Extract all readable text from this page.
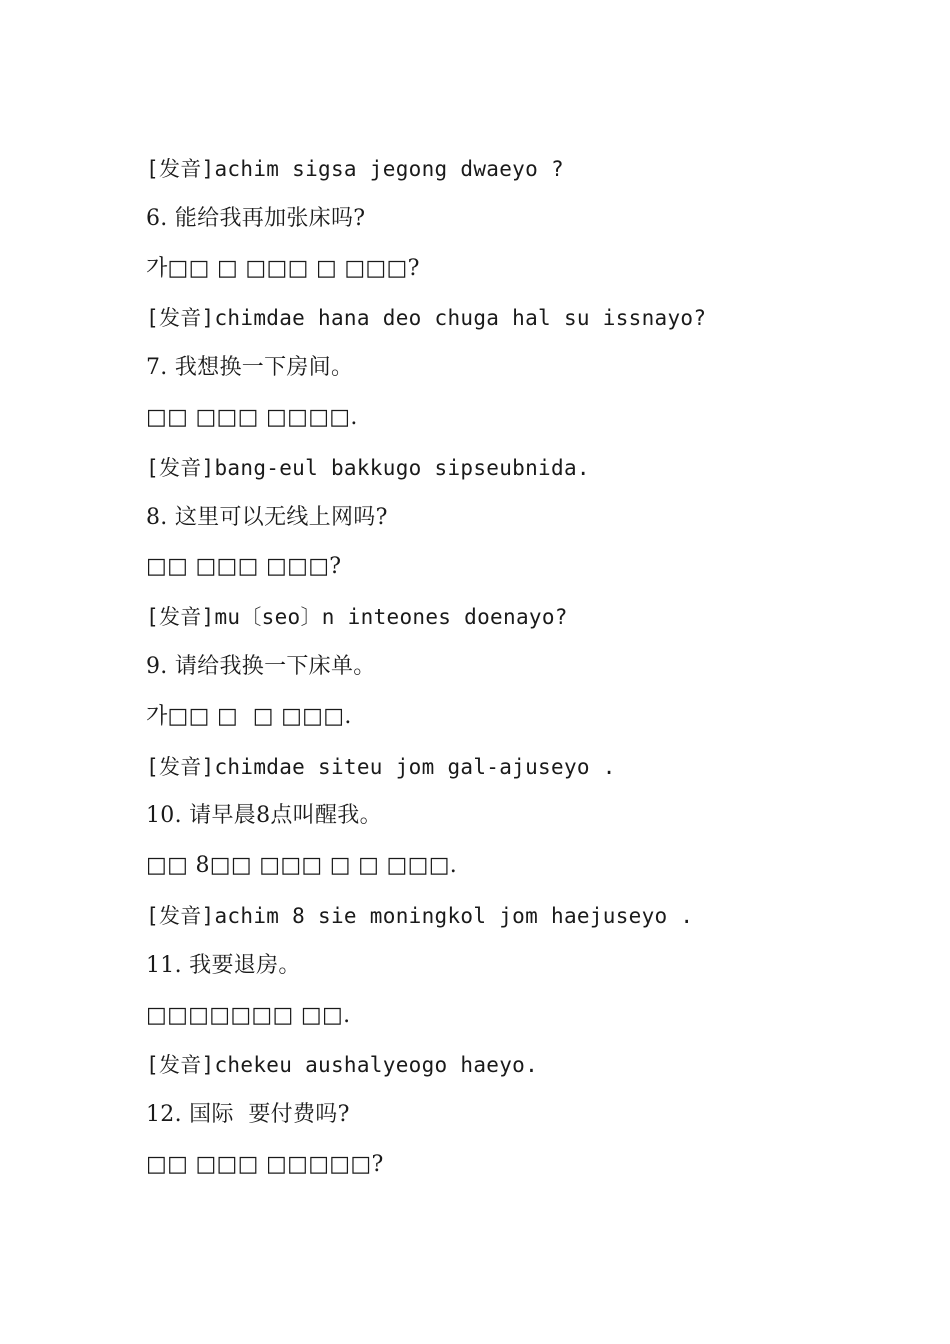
[发音]achim sigsa jegong dwaeyo ?
6. 能给我再加张床吗?
가□□ □ □□□ □ □□□?
[发音]chimdae hana deo chuga hal su issnayo?
7. 我想换一下房间。
□□ □□□ □□□□.
[发音]bang-eul bakkugo sipseubnida.
8. 这里可以无线上网吗?
□□ □□□ □□□?
[发音]mu〔seo〕n inteones doenayo?
9. 请给我换一下床单。
가□□ □  □ □□□.
[发音]chimdae siteu jom gal-ajuseyo .
10. 请早晨8点叫醒我。
□□ 8□□ □□□ □ □ □□□.
[发音]achim 8 sie moningkol jom haejuseyo .
11. 我要退房。
□□□□□□□ □□.
[发音]chekeu aushalyeogo haeyo.
12. 国际  要付费吗?
□□ □□□ □□□□□?
